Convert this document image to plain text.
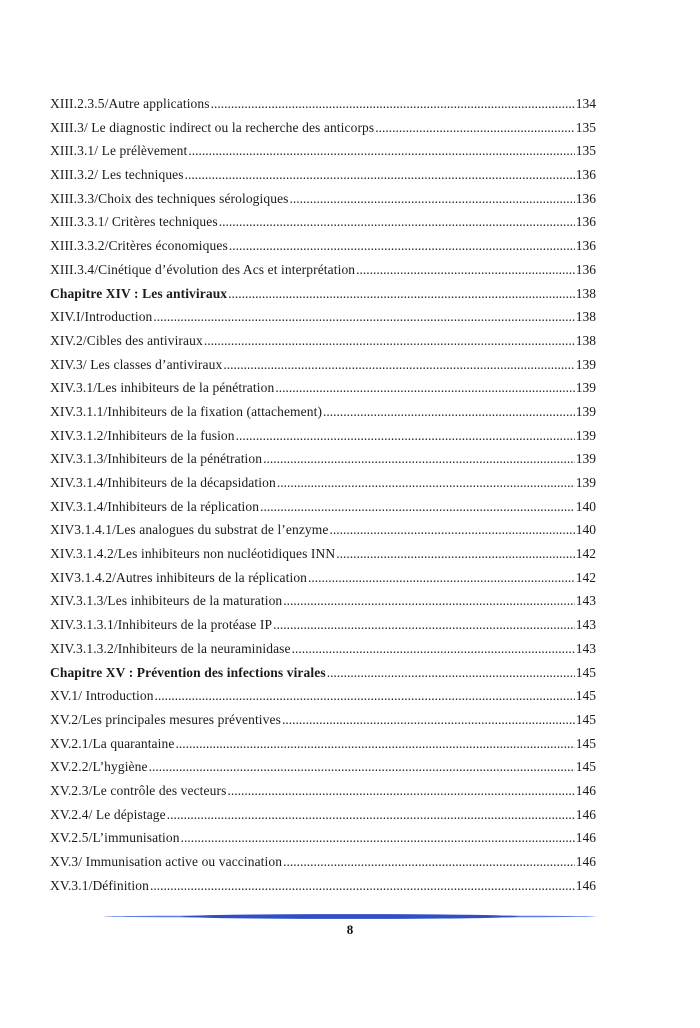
XIII.2.3.5/Autre applications .....	134
XIII.3/ Le diagnostic indirect ou la recherche des anticorps .....	135
XIII.3.1/ Le prélèvement .....	135
XIII.3.2/ Les techniques .....	136
XIII.3.3/Choix des techniques sérologiques .....	136
XIII.3.3.1/ Critères techniques .....	136
XIII.3.3.2/Critères économiques .....	136
XIII.3.4/Cinétique d’évolution des Acs et interprétation .....	136
Chapitre XIV : Les antiviraux .....	138
XIV.I/Introduction .....	138
XIV.2/Cibles des antiviraux .....	138
XIV.3/ Les classes d’antiviraux .....	139
XIV.3.1/Les inhibiteurs de la pénétration .....	139
XIV.3.1.1/Inhibiteurs de la fixation (attachement) .....	139
XIV.3.1.2/Inhibiteurs de la fusion .....	139
XIV.3.1.3/Inhibiteurs de la pénétration .....	139
XIV.3.1.4/Inhibiteurs de la décapsidation .....	139
XIV.3.1.4/Inhibiteurs de la réplication .....	140
XIV3.1.4.1/Les analogues du substrat de l’enzyme .....	140
XIV.3.1.4.2/Les inhibiteurs non nucléotidiques INN .....	142
XIV3.1.4.2/Autres inhibiteurs de la réplication .....	142
XIV.3.1.3/Les inhibiteurs de la maturation .....	143
XIV.3.1.3.1/Inhibiteurs de la protéase IP .....	143
XIV.3.1.3.2/Inhibiteurs de la neuraminidase .....	143
Chapitre XV : Prévention des infections virales .....	145
XV.1/ Introduction .....	145
XV.2/Les principales mesures préventives .....	145
XV.2.1/La quarantaine .....	145
XV.2.2/L’hygiène .....	145
XV.2.3/Le contrôle des vecteurs .....	146
XV.2.4/ Le dépistage .....	146
XV.2.5/L’immunisation .....	146
XV.3/ Immunisation active ou vaccination .....	146
XV.3.1/Définition .....	146
8
